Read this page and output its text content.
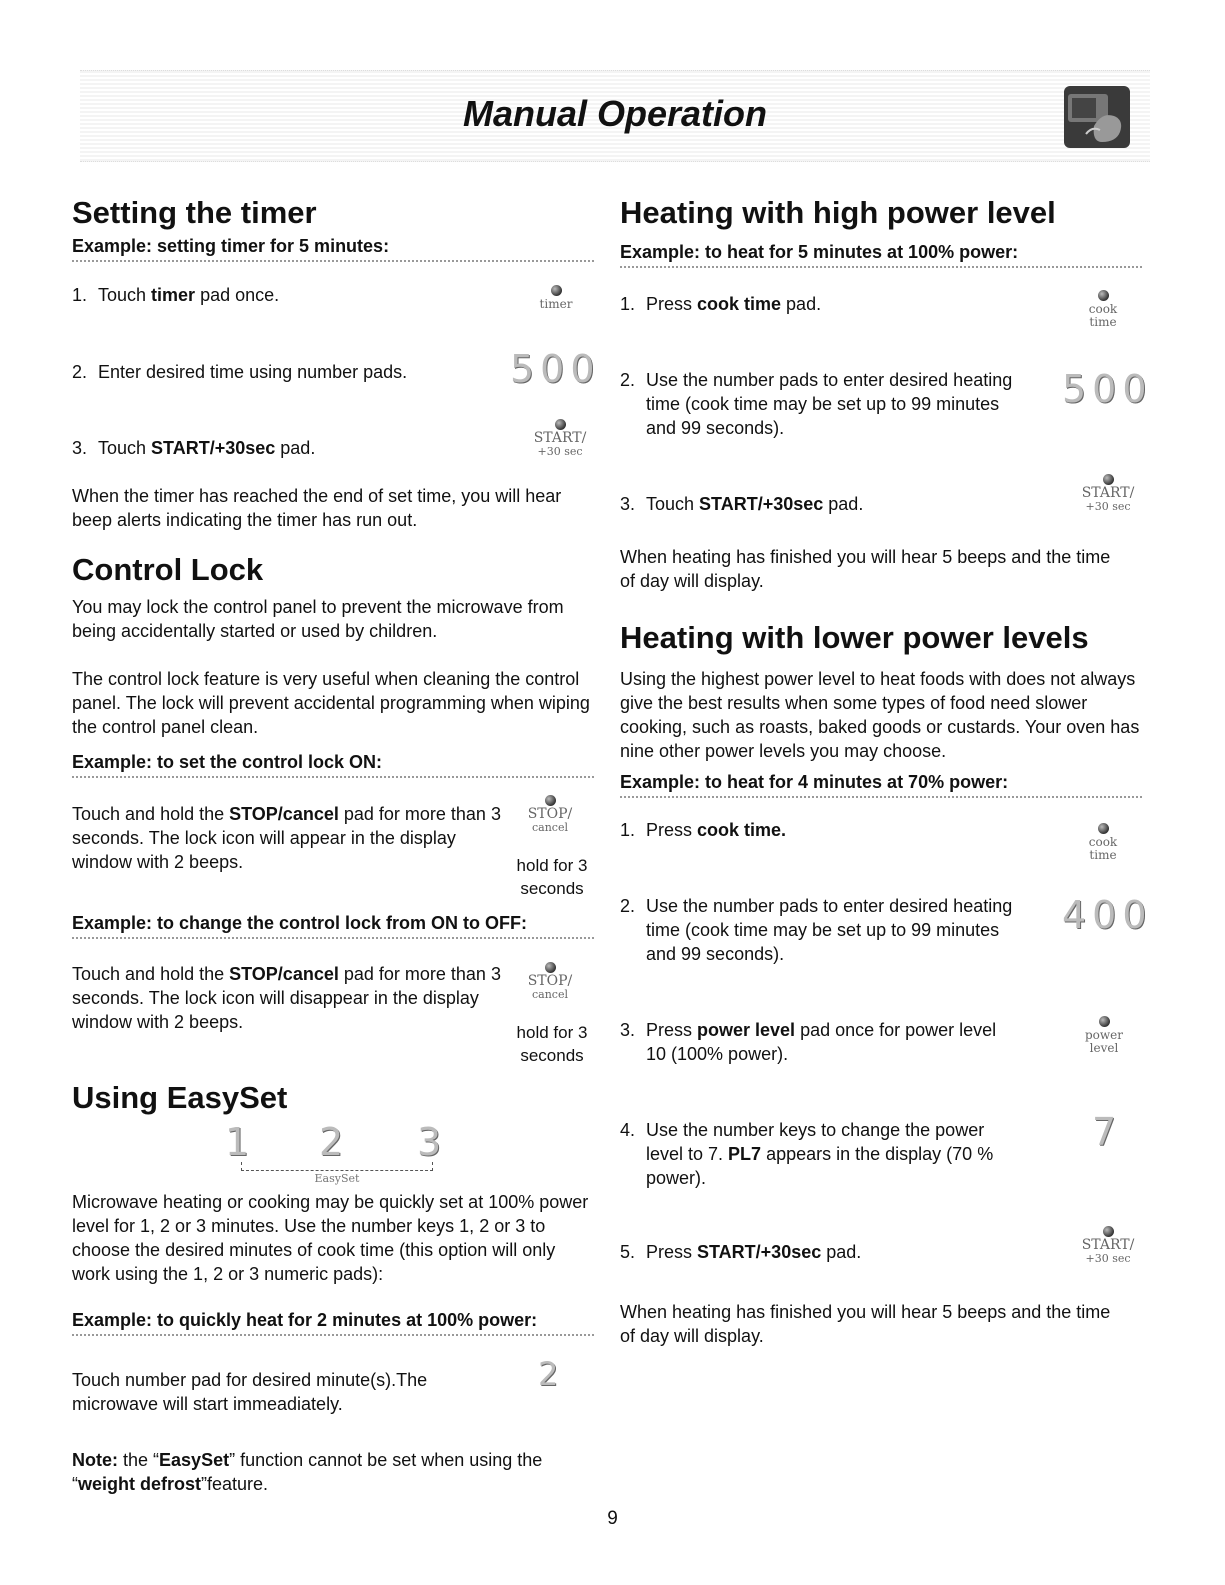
Manual Operation
Setting the timer
Example: setting timer for 5 minutes:
1. Touch timer pad once.	timer
2. Enter desired time using number pads.	500
3. Touch START/+30sec pad.	START/
+30 sec

When the timer has reached the end of set time, you will hear beep alerts indicating the timer has run out.

Control Lock

You may lock the control panel to prevent the microwave from being accidentally started or used by children.

The control lock feature is very useful when cleaning the control panel. The lock will prevent accidental programming when wiping the control panel clean.

Example: to set the control lock ON:

Touch and hold the STOP/cancel pad for more than 3 seconds. The lock icon will appear in the display window with 2 beeps.

STOP/
cancel
hold for 3
seconds
Example: to change the control lock from ON to OFF:

Touch and hold the STOP/cancel pad for more than 3 seconds. The lock icon will disappear in the display window with 2 beeps.

STOP/
cancel
hold for 3
seconds
Using EasySet
1 2 3
EasySet

Microwave heating or cooking may be quickly set at 100% power level for 1, 2 or 3 minutes. Use the number keys 1, 2 or 3 to choose the desired minutes of cook time (this option will only work using the 1, 2 or 3 numeric pads):

Example: to quickly heat for 2 minutes at 100% power:

Touch number pad for desired minute(s).The microwave will start immeadiately.

2

Note: the “EasySet” function cannot be set when using the “weight defrost”feature.

Heating with high power level
Example: to heat for 5 minutes at 100% power:
1. Press cook time pad.	cook
time
2. Use the number pads to enter desired heating time (cook time may be set up to 99 minutes and 99 seconds).
500
3. Touch START/+30sec pad.
START/
+30 sec

When heating has finished you will hear 5 beeps and the time of day will display.

Heating with lower power levels

Using the highest power level to heat foods with does not always give the best results when some types of food need slower cooking, such as roasts, baked goods or custards. Your oven has nine other power levels you may choose.

Example: to heat for 4 minutes at 70% power:
1. Press cook time.
cook
time
2. Use the number pads to enter desired heating time (cook time may be set up to 99 minutes and 99 seconds).
400
3. Press power level pad once for power level 10 (100% power).
power
level
4. Use the number keys to change the power level to 7. PL7 appears in the display (70 % power).
7
5. Press START/+30sec pad.	START/
+30 sec

When heating has finished you will hear 5 beeps and the time of day will display.

9
